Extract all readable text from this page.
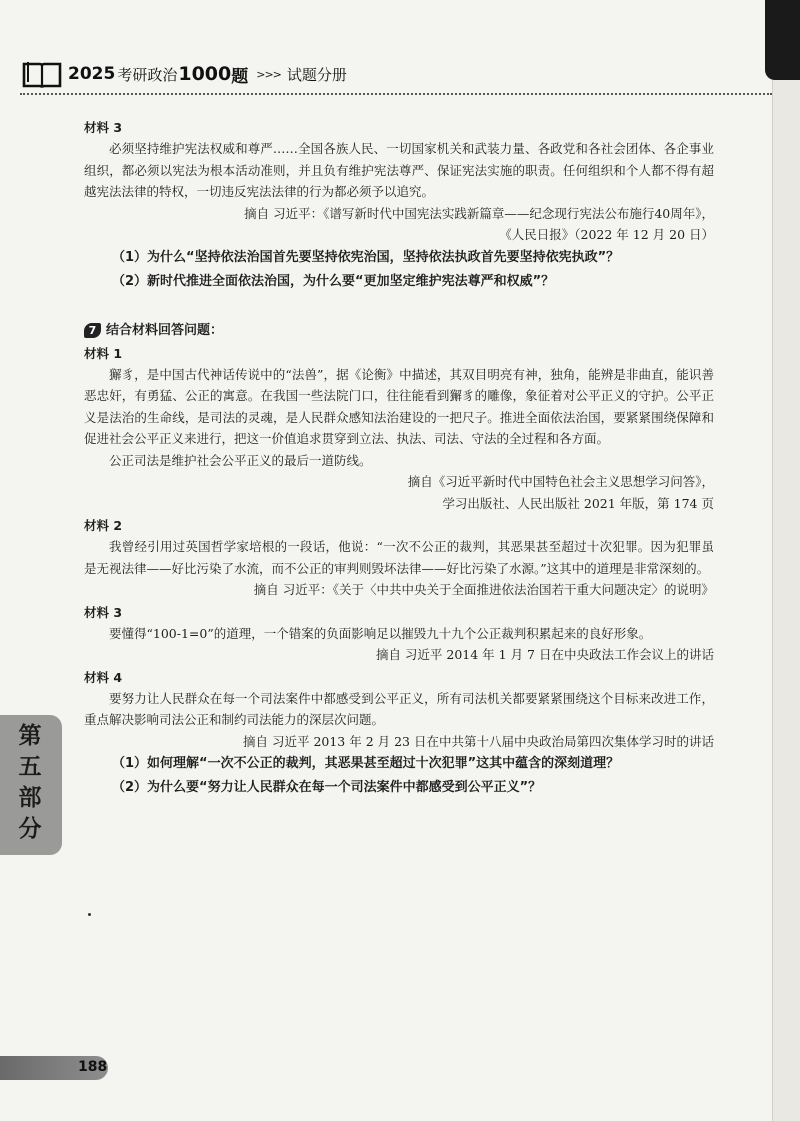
2025 考研政治 1000 题 >>> 试题分册
材料 3

必须坚持维护宪法权威和尊严……全国各族人民、一切国家机关和武装力量、各政党和各社会团体、各企事业组织，都必须以宪法为根本活动准则，并且负有维护宪法尊严、保证宪法实施的职责。任何组织和个人都不得有超越宪法法律的特权，一切违反宪法法律的行为都必须予以追究。

摘自 习近平：《谱写新时代中国宪法实践新篇章——纪念现行宪法公布施行40周年》，

《人民日报》（2022 年 12 月 20 日）

（1）为什么“坚持依法治国首先要坚持依宪治国，坚持依法执政首先要坚持依宪执政”？

（2）新时代推进全面依法治国，为什么要“更加坚定维护宪法尊严和权威”？

7 结合材料回答问题：
材料 1

獬豸，是中国古代神话传说中的“法兽”，据《论衡》中描述，其双目明亮有神，独角，能辨是非曲直，能识善恶忠奸，有勇猛、公正的寓意。在我国一些法院门口，往往能看到獬豸的雕像，象征着对公平正义的守护。公平正义是法治的生命线，是司法的灵魂，是人民群众感知法治建设的一把尺子。推进全面依法治国，要紧紧围绕保障和促进社会公平正义来进行，把这一价值追求贯穿到立法、执法、司法、守法的全过程和各方面。

公正司法是维护社会公平正义的最后一道防线。

摘自《习近平新时代中国特色社会主义思想学习问答》，

学习出版社、人民出版社 2021 年版，第 174 页

材料 2

我曾经引用过英国哲学家培根的一段话，他说：“一次不公正的裁判，其恶果甚至超过十次犯罪。因为犯罪虽是无视法律——好比污染了水流，而不公正的审判则毁坏法律——好比污染了水源。”这其中的道理是非常深刻的。

摘自 习近平：《关于〈中共中央关于全面推进依法治国若干重大问题决定〉的说明》

材料 3

要懂得“100-1=0”的道理，一个错案的负面影响足以摧毁九十九个公正裁判积累起来的良好形象。

摘自 习近平 2014 年 1 月 7 日在中央政法工作会议上的讲话

材料 4

要努力让人民群众在每一个司法案件中都感受到公平正义，所有司法机关都要紧紧围绕这个目标来改进工作，重点解决影响司法公正和制约司法能力的深层次问题。

摘自 习近平 2013 年 2 月 23 日在中共第十八届中央政治局第四次集体学习时的讲话

（1）如何理解“一次不公正的裁判，其恶果甚至超过十次犯罪”这其中蕴含的深刻道理？

（2）为什么要“努力让人民群众在每一个司法案件中都感受到公平正义”？

第五部分
188
